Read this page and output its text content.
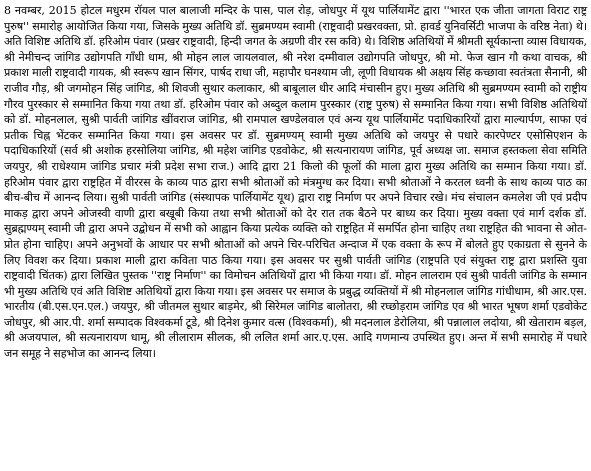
8 नवम्बर, 2015 होटल मधुरम रॉयल पाल बालाजी मन्दिर के पास, पाल रोड़, जोधपुर में यूथ पार्लियामेंट द्वारा ''भारत एक जीता जागता विराट राष्ट्र पुरुष'' समारोह आयोजित किया गया, जिसके मुख्य अतिथि डॉ. सुब्रमण्यम स्वामी (राष्ट्रवादी प्रखरवक्ता, प्रो. हावर्ड युनिवर्सिटी भाजपा के वरिष्ठ नेता) थे। अति विशिष्ट अतिथि डॉ. हरिओम पंवार (प्रखर राष्ट्रवादी, हिन्दी जगत के अग्रणी वीर रस कवि) थे। विशिष्ठ अतिथियों में श्रीमती सूर्यकान्ता व्यास विधायक, श्री नेमीचन्द जांगिड उद्योगपति गाँधी धाम, श्री मोहन लाल जायलवाल, श्री नरेश दम्मीवाल उद्योगपति जोधपुर, श्री मो. फेज खान गौ कथा वाचक, श्री प्रकाश माली राष्ट्रवादी गायक, श्री स्वरूप खान सिंगर, पार्षद राधा जी, महापौर घनश्याम जी, लूणी विधायक श्री अक्षय सिंह कच्छावा स्वतंत्रता सैनानी, श्री राजीव गौड़, श्री जगमोहन सिंह जांगिड, श्री शिवजी सुथार कलाकार, श्री बाबूलाल धीर आदि मंचासीन हुए। मुख्य अतिथि श्री सुब्रमण्यम स्वामी को राष्ट्रीय गौरव पुरस्कार से सम्मानित किया गया तथा डॉ. हरिओम पंवार को अब्दुल कलाम पुरस्कार (राष्ट्र पुरुष) से सम्मानित किया गया। सभी विशिष्ठ अतिथियों को डॉ. मोहनलाल, सुश्री पार्वती जांगिड खींवराज जांगिड, श्री रामपाल खण्डेलवाल एवं अन्य यूथ पार्लियामेंट पदाधिकारियों द्वारा माल्यार्पण, साफा एवं प्रतीक चिह्न भेंटकर सम्मानित किया गया। इस अवसर पर डॉ. सुब्रमण्यम् स्वामी मुख्य अतिथि को जयपुर से पधारे कारपेण्टर एसोसिएशन के पदाधिकारियों (सर्व श्री अशोक हरसोलिया जांगिड, श्री महेश जांगिड एडवोकेट, श्री सत्यनारायण जांगिड, पूर्व अध्यक्ष जा. समाज हस्तकला सेवा समिति जयपुर, श्री राधेश्याम जांगिड प्रचार मंत्री प्रदेश सभा राज.) आदि द्वारा 21 किलो की फूलों की माला द्वारा मुख्य अतिथि का सम्मान किया गया। डॉ. हरिओम पंवार द्वारा राष्ट्रहित में वीररस के काव्य पाठ द्वारा सभी श्रोताओं को मंत्रमुग्ध कर दिया। सभी श्रोताओं ने करतल ध्वनी के साथ काव्य पाठ का बीच-बीच में आनन्द लिया। सुश्री पार्वती जांगिड (संस्थापक पार्लियामेंट यूथ) द्वारा राष्ट्र निर्माण पर अपने विचार रखे। मंच संचालन कमलेश जी एवं प्रदीप माकड़ द्वारा अपने ओजस्वी वाणी द्वारा बखूबी किया तथा सभी श्रोताओं को देर रात तक बैठने पर बाध्य कर दिया। मुख्य वक्ता एवं मार्ग दर्शक डॉ. सुब्रह्मण्यम् स्वामी जी द्वारा अपने उद्बोधन में सभी को आह्वान किया प्रत्येक व्यक्ति को राष्ट्रहित में समर्पित होना चाहिए तथा राष्ट्रहित की भावना से ओत-प्रोत होना चाहिए। अपने अनुभवों के आधार पर सभी श्रोताओं को अपने चिर-परिचित अन्दाज में एक वक्ता के रूप में बोलते हुए एकाग्रता से सुनने के लिए विवश कर दिया। प्रकाश माली द्वारा कविता पाठ किया गया। इस अवसर पर सुश्री पार्वती जांगिड (राष्ट्रपति एवं संयुक्त राष्ट्र द्वारा प्रशस्ति युवा राष्ट्रवादी चिंतक) द्वारा लिखित पुस्तक ''राष्ट्र निर्माण'' का विमोचन अतिथियों द्वारा भी किया गया। डॉ. मोहन लालराम एवं सुश्री पार्वती जांगिड के सम्मान भी मुख्य अतिथि एवं अति विशिष्ट अतिथियों द्वारा किया गया। इस अवसर पर समाज के प्रबुद्ध व्यक्तियों में श्री मोहनलाल जांगिड गांधीधाम, श्री आर.एस. भारतीय (बी.एस.एन.एल.) जयपुर, श्री जीतमल सुथार बाड़मेर, श्री सिरेमल जांगिड बालोतरा, श्री रघ्छोड़राम जांगिड एव श्री भारत भूषण शर्मा एडवोकेट जोधपुर, श्री आर.पी. शर्मा सम्पादक विश्वकर्मा टूडे, श्री दिनेश कुमार वत्स (विश्वकर्मा), श्री मदनलाल डेरोलिया, श्री पन्नालाल लदोया, श्री खेताराम बड़ल, श्री अजयपाल, श्री सत्यनारायण धामू, श्री लीलाराम सीलक, श्री ललित शर्मा आर.ए.एस. आदि गणमान्य उपस्थित हुए। अन्त में सभी समारोह में पधारे जन समूह ने सहभोज का आनन्द लिया।
